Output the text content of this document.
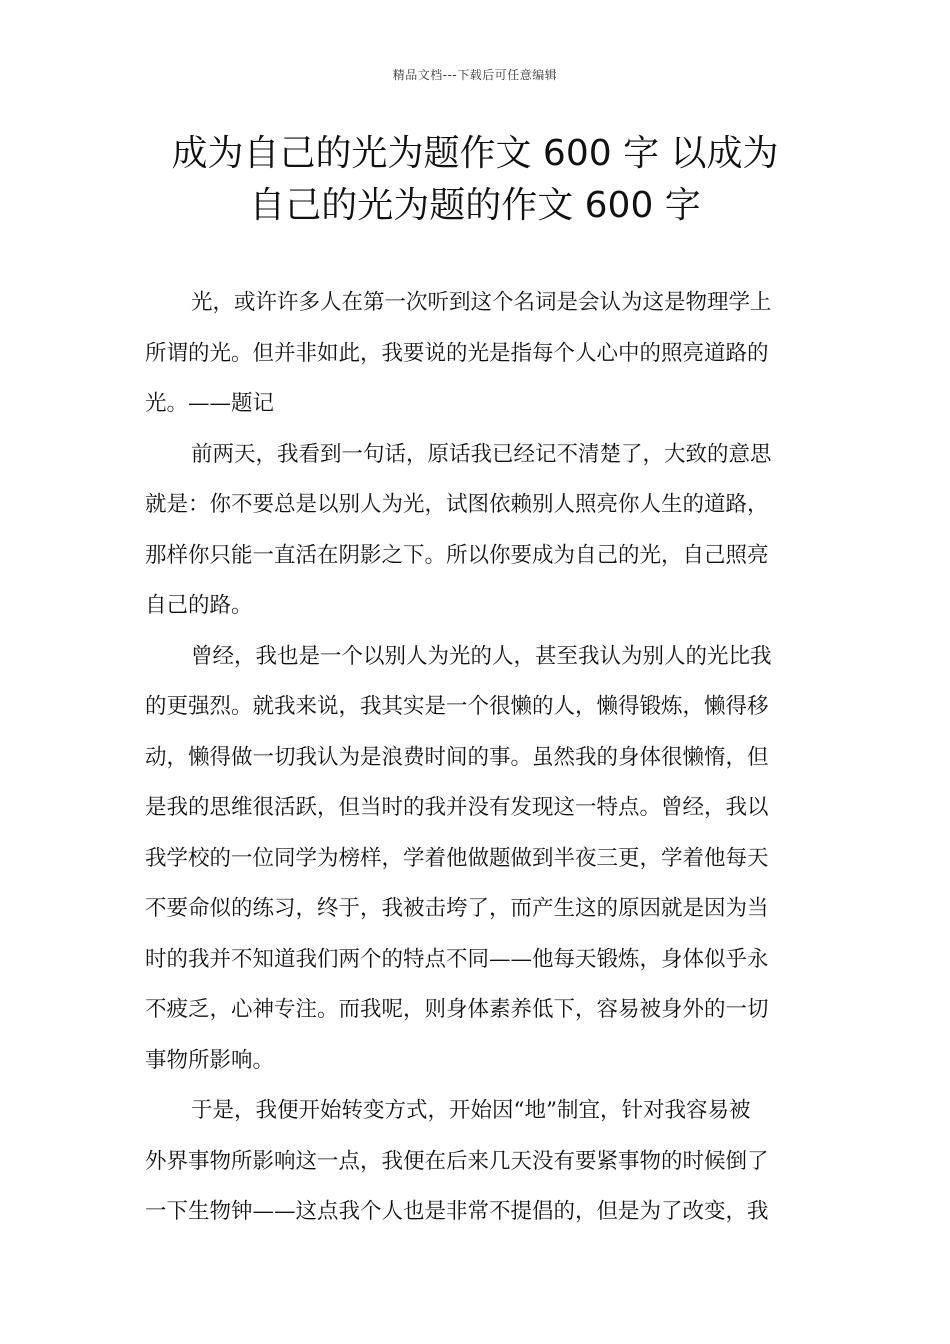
精品文档---下载后可任意编辑
成为自己的光为题作文 600 字 以成为
自己的光为题的作文 600 字

光，或许许多人在第一次听到这个名词是会认为这是物理学上
所谓的光。但并非如此，我要说的光是指每个人心中的照亮道路的
光。——题记

前两天，我看到一句话，原话我已经记不清楚了，大致的意思
就是：你不要总是以别人为光，试图依赖别人照亮你人生的道路，
那样你只能一直活在阴影之下。所以你要成为自己的光，自己照亮
自己的路。

曾经，我也是一个以别人为光的人，甚至我认为别人的光比我
的更强烈。就我来说，我其实是一个很懒的人，懒得锻炼，懒得移
动，懒得做一切我认为是浪费时间的事。虽然我的身体很懒惰，但
是我的思维很活跃，但当时的我并没有发现这一特点。曾经，我以
我学校的一位同学为榜样，学着他做题做到半夜三更，学着他每天
不要命似的练习，终于，我被击垮了，而产生这的原因就是因为当
时的我并不知道我们两个的特点不同——他每天锻炼，身体似乎永
不疲乏，心神专注。而我呢，则身体素养低下，容易被身外的一切
事物所影响。

于是，我便开始转变方式，开始因“地”制宜，针对我容易被
外界事物所影响这一点，我便在后来几天没有要紧事物的时候倒了
一下生物钟——这点我个人也是非常不提倡的，但是为了改变，我
